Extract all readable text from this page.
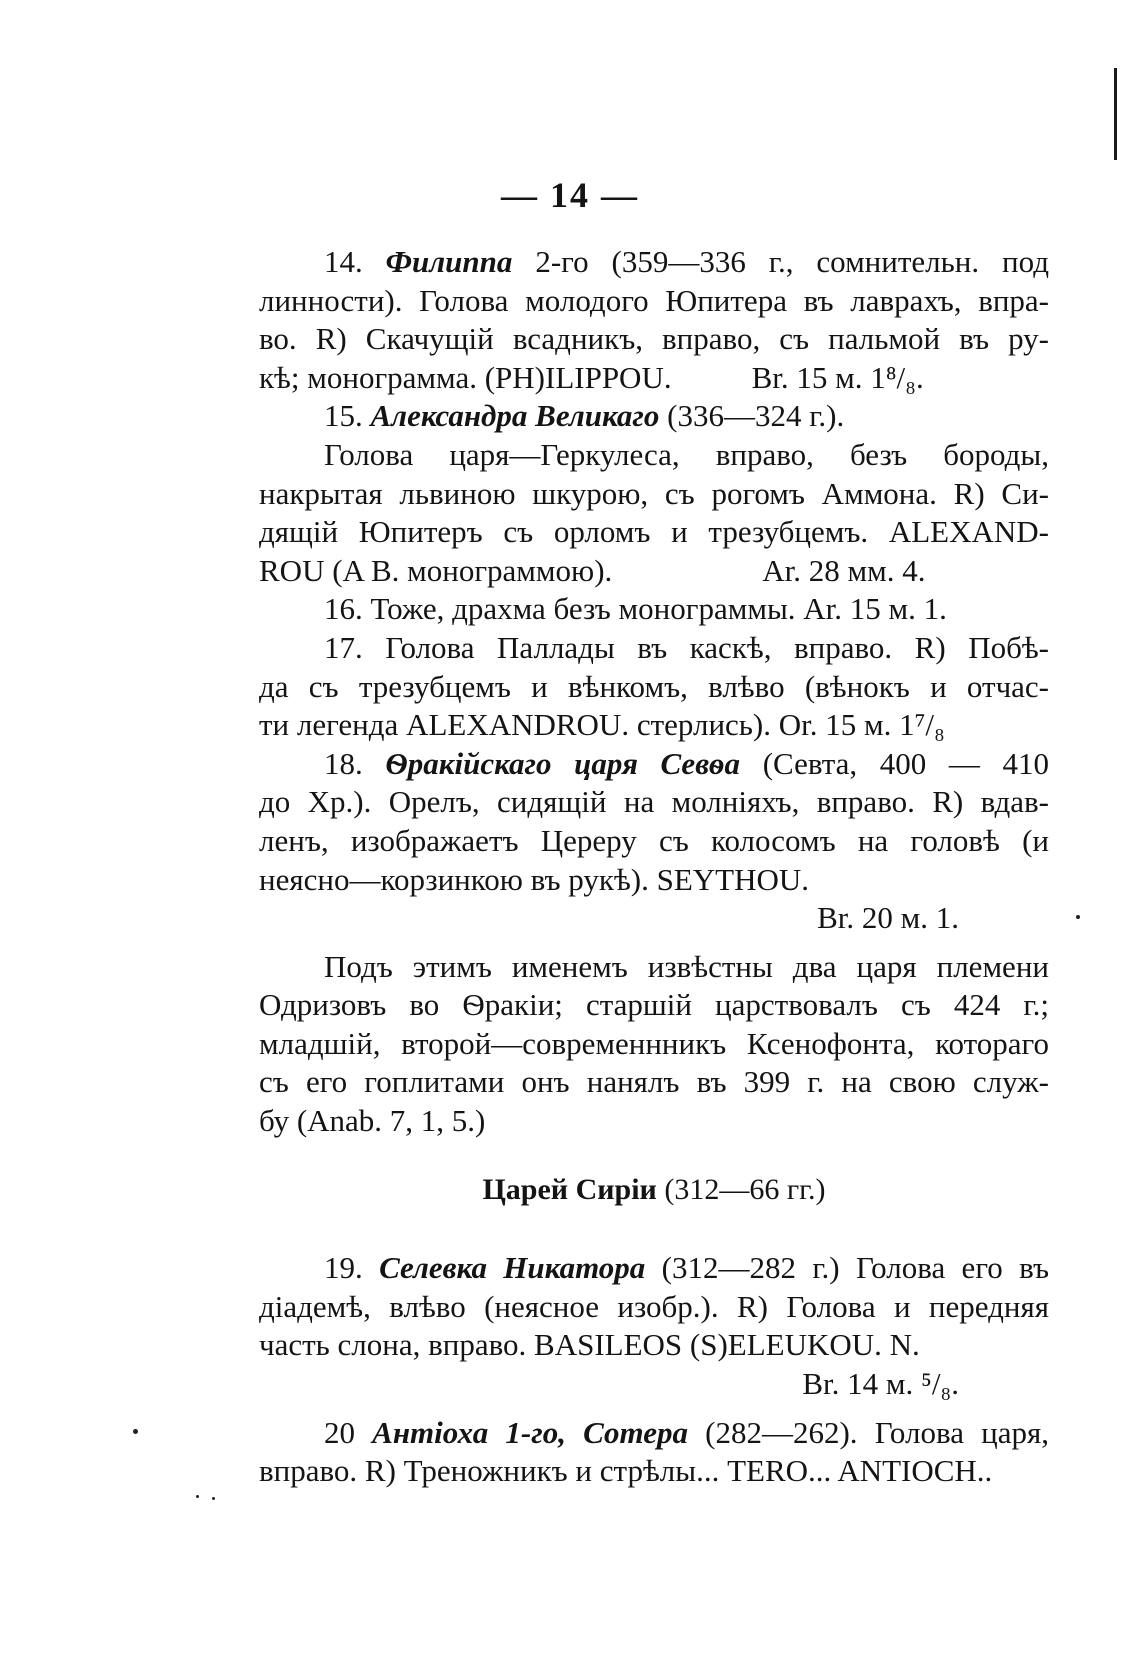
— 14 —

14. Филиппа 2-го (359—336 г., сомнительн. под

линности). Голова молодого Юпитера въ лаврахъ, впра-

во. R) Скачущій всадникъ, вправо, съ пальмой въ ру-

кѣ; монограмма. (PH)ILIPPOU.	Br. 15 м. 1⁸/₈.

15. Александра Великаго (336—324 г.).

Голова царя—Геркулеса, вправо, безъ бороды,

накрытая львиною шкурою, съ рогомъ Аммона. R) Си-

дящій Юпитеръ съ орломъ и трезубцемъ. ALEXAND-

ROU (A B. монограммою).	Ar. 28 мм. 4.

16. Тоже, драхма безъ монограммы. Ar. 15 м. 1.

17. Голова Паллады въ каскѣ, вправо. R) Побѣ-

да съ трезубцемъ и вѣнкомъ, влѣво (вѣнокъ и отчас-

ти легенда ALEXANDROU. стерлись). Or. 15 м. 1⁷/₈

18. Ѳракійскаго царя Севѳа (Севта, 400 — 410

до Хр.). Орелъ, сидящій на молніяхъ, вправо. R) вдав-

ленъ, изображаетъ Цереру съ колосомъ на головѣ (и

неясно—корзинкою въ рукѣ). SEYTHOU.

Br. 20 м. 1.

Подъ этимъ именемъ извѣстны два царя племени

Одризовъ во Ѳракіи; старшій царствовалъ съ 424 г.;

младшій, второй—современнникъ Ксенофонта, котораго

съ его гоплитами онъ нанялъ въ 399 г. на свою служ-

бу (Anab. 7, 1, 5.)

Царей Сиріи (312—66 гг.)

19. Селевка Никатора (312—282 г.) Голова его въ

діадемѣ, влѣво (неясное изобр.). R) Голова и передняя

часть слона, вправо. BASILEOS (S)ELEUKOU. N.

Br. 14 м. ⁵/₈.

20 Антіоха 1-го, Сотера (282—262). Голова царя,

вправо. R) Треножникъ и стрѣлы... TERO... ANTIOCH..
